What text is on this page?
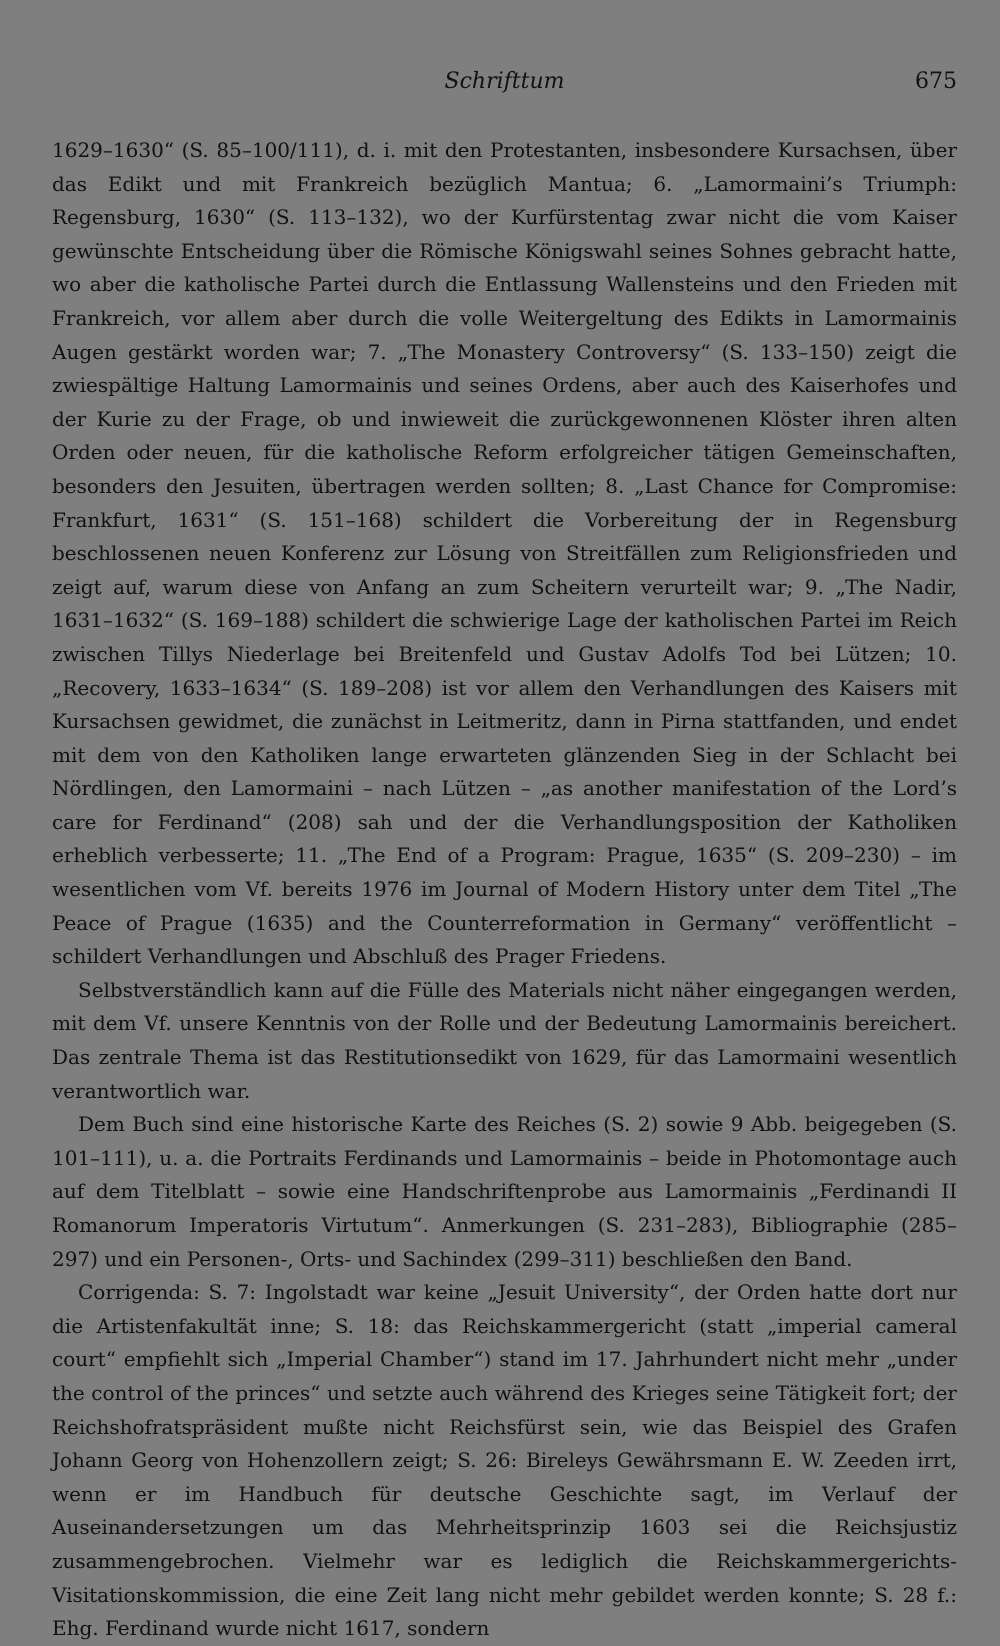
Schrifttum	675

1629–1630“ (S. 85–100/111), d. i. mit den Protestanten, insbesondere Kursachsen, über das Edikt und mit Frankreich bezüglich Mantua; 6. „Lamormaini’s Triumph: Regensburg, 1630“ (S. 113–132), wo der Kurfürstentag zwar nicht die vom Kaiser gewünschte Entscheidung über die Römische Königswahl seines Sohnes gebracht hatte, wo aber die katholische Partei durch die Entlassung Wallensteins und den Frieden mit Frankreich, vor allem aber durch die volle Weitergeltung des Edikts in Lamormainis Augen gestärkt worden war; 7. „The Monastery Controversy“ (S. 133–150) zeigt die zwiespältige Haltung Lamormainis und seines Ordens, aber auch des Kaiserhofes und der Kurie zu der Frage, ob und inwieweit die zurückgewonnenen Klöster ihren alten Orden oder neuen, für die katholische Reform erfolgreicher tätigen Gemeinschaften, besonders den Jesuiten, übertragen werden sollten; 8. „Last Chance for Compromise: Frankfurt, 1631“ (S. 151–168) schildert die Vorbereitung der in Regensburg beschlossenen neuen Konferenz zur Lösung von Streitfällen zum Religionsfrieden und zeigt auf, warum diese von Anfang an zum Scheitern verurteilt war; 9. „The Nadir, 1631–1632“ (S. 169–188) schildert die schwierige Lage der katholischen Partei im Reich zwischen Tillys Niederlage bei Breitenfeld und Gustav Adolfs Tod bei Lützen; 10. „Recovery, 1633–1634“ (S. 189–208) ist vor allem den Verhandlungen des Kaisers mit Kursachsen gewidmet, die zunächst in Leitmeritz, dann in Pirna stattfanden, und endet mit dem von den Katholiken lange erwarteten glänzenden Sieg in der Schlacht bei Nördlingen, den Lamormaini – nach Lützen – „as another manifestation of the Lord’s care for Ferdinand“ (208) sah und der die Verhandlungsposition der Katholiken erheblich verbesserte; 11. „The End of a Program: Prague, 1635“ (S. 209–230) – im wesentlichen vom Vf. bereits 1976 im Journal of Modern History unter dem Titel „The Peace of Prague (1635) and the Counterreformation in Germany“ veröffentlicht – schildert Verhandlungen und Abschluß des Prager Friedens.

Selbstverständlich kann auf die Fülle des Materials nicht näher eingegangen werden, mit dem Vf. unsere Kenntnis von der Rolle und der Bedeutung Lamormainis bereichert. Das zentrale Thema ist das Restitutionsedikt von 1629, für das Lamormaini wesentlich verantwortlich war.

Dem Buch sind eine historische Karte des Reiches (S. 2) sowie 9 Abb. beigegeben (S. 101–111), u. a. die Portraits Ferdinands und Lamormainis – beide in Photomontage auch auf dem Titelblatt – sowie eine Handschriftenprobe aus Lamormainis „Ferdinandi II Romanorum Imperatoris Virtutum“. Anmerkungen (S. 231–283), Bibliographie (285–297) und ein Personen-, Orts- und Sachindex (299–311) beschließen den Band.

Corrigenda: S. 7: Ingolstadt war keine „Jesuit University“, der Orden hatte dort nur die Artistenfakultät inne; S. 18: das Reichskammergericht (statt „imperial cameral court“ empfiehlt sich „Imperial Chamber“) stand im 17. Jahrhundert nicht mehr „under the control of the princes“ und setzte auch während des Krieges seine Tätigkeit fort; der Reichshofratspräsident mußte nicht Reichsfürst sein, wie das Beispiel des Grafen Johann Georg von Hohenzollern zeigt; S. 26: Bireleys Gewährsmann E. W. Zeeden irrt, wenn er im Handbuch für deutsche Geschichte sagt, im Verlauf der Auseinandersetzungen um das Mehrheitsprinzip 1603 sei die Reichsjustiz zusammengebrochen. Vielmehr war es lediglich die Reichskammergerichts-Visitationskommission, die eine Zeit lang nicht mehr gebildet werden konnte; S. 28 f.: Ehg. Ferdinand wurde nicht 1617, sondern
